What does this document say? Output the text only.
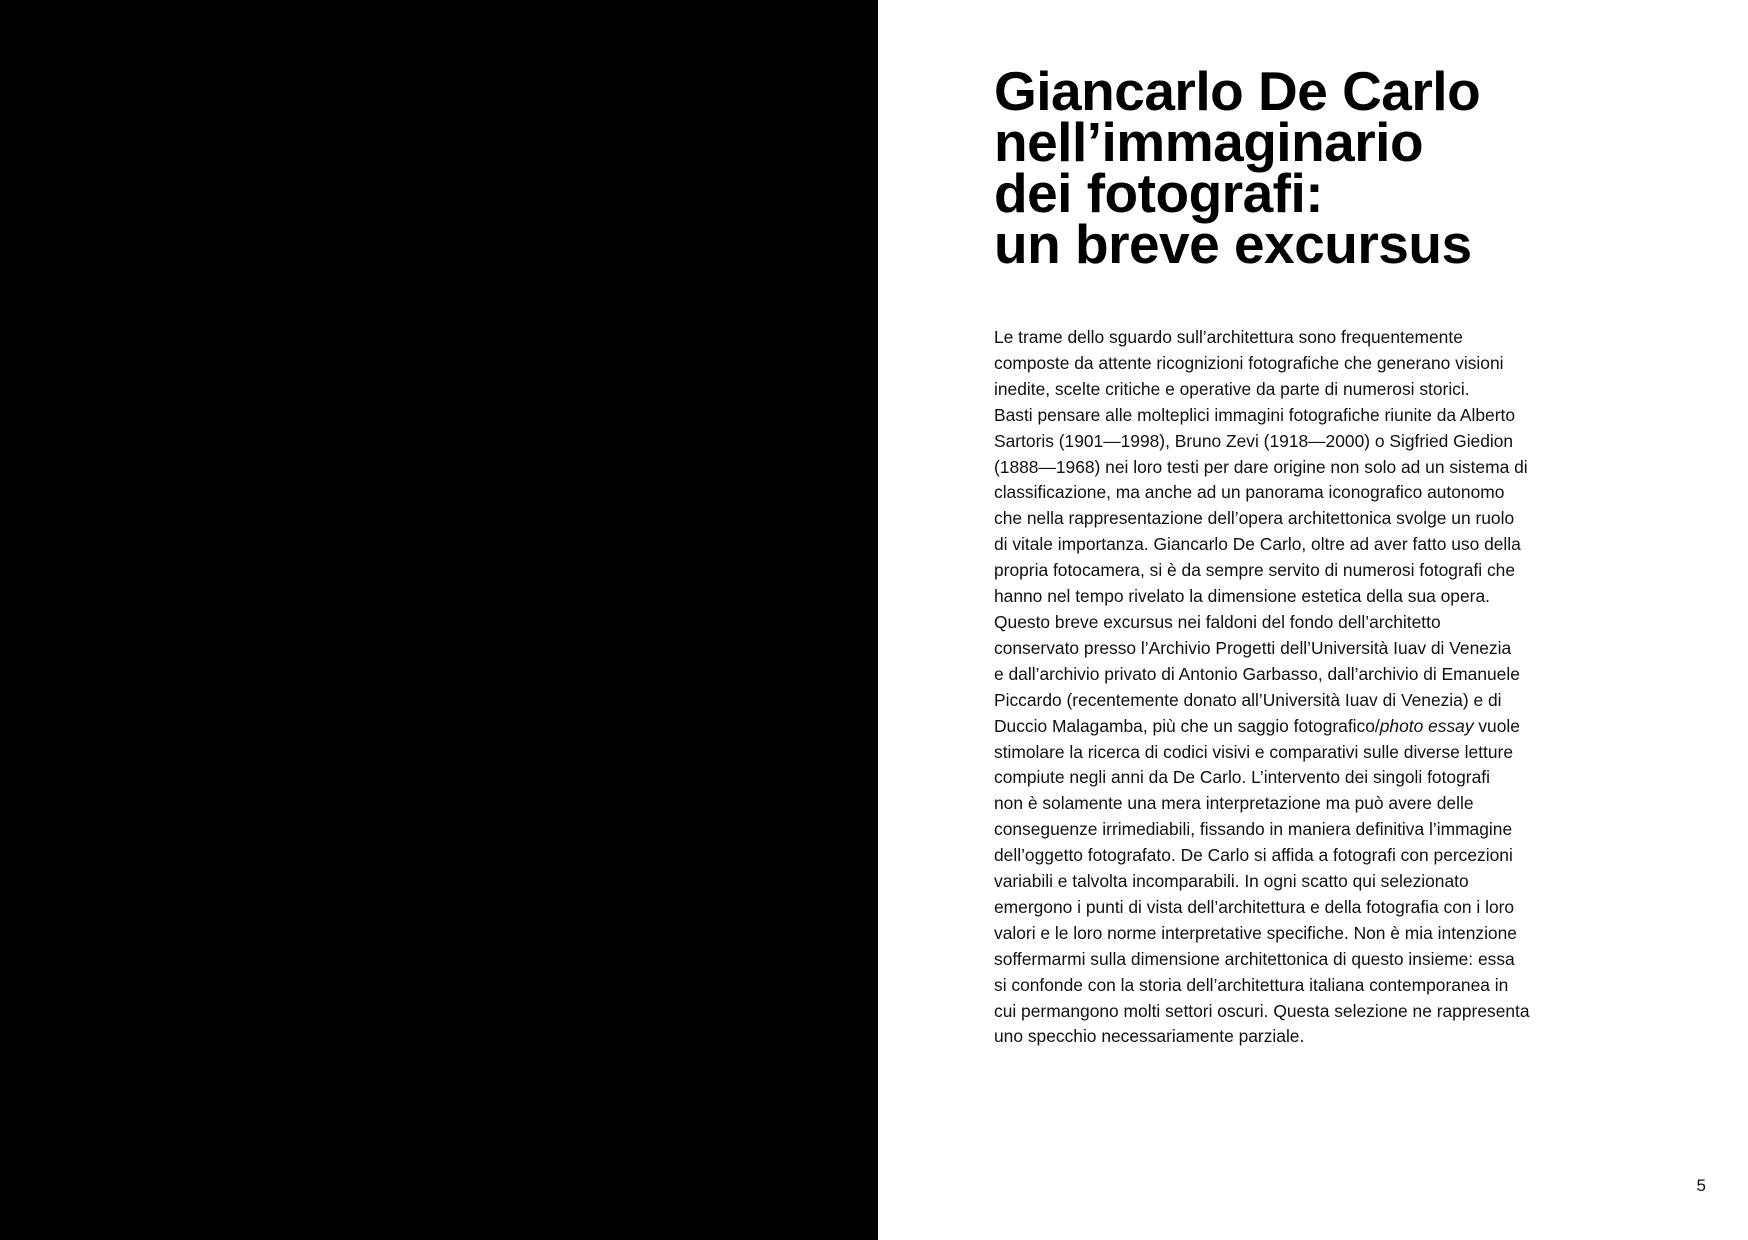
Giancarlo De Carlo
nell’immaginario
dei fotografi:
un breve excursus

Le trame dello sguardo sull’architettura sono frequentemente
composte da attente ricognizioni fotografiche che generano visioni
inedite, scelte critiche e operative da parte di numerosi storici.
Basti pensare alle molteplici immagini fotografiche riunite da Alberto
Sartoris (1901—1998), Bruno Zevi (1918—2000) o Sigfried Giedion
(1888—1968) nei loro testi per dare origine non solo ad un sistema di
classificazione, ma anche ad un panorama iconografico autonomo
che nella rappresentazione dell’opera architettonica svolge un ruolo
di vitale importanza. Giancarlo De Carlo, oltre ad aver fatto uso della
propria fotocamera, si è da sempre servito di numerosi fotografi che
hanno nel tempo rivelato la dimensione estetica della sua opera.
Questo breve excursus nei faldoni del fondo dell’architetto
conservato presso l’Archivio Progetti dell’Università Iuav di Venezia
e dall’archivio privato di Antonio Garbasso, dall’archivio di Emanuele
Piccardo (recentemente donato all’Università Iuav di Venezia) e di
Duccio Malagamba, più che un saggio fotografico/photo essay vuole
stimolare la ricerca di codici visivi e comparativi sulle diverse letture
compiute negli anni da De Carlo. L’intervento dei singoli fotografi
non è solamente una mera interpretazione ma può avere delle
conseguenze irrimediabili, fissando in maniera definitiva l’immagine
dell’oggetto fotografato. De Carlo si affida a fotografi con percezioni
variabili e talvolta incomparabili. In ogni scatto qui selezionato
emergono i punti di vista dell’architettura e della fotografia con i loro
valori e le loro norme interpretative specifiche. Non è mia intenzione
soffermarmi sulla dimensione architettonica di questo insieme: essa
si confonde con la storia dell’architettura italiana contemporanea in
cui permangono molti settori oscuri. Questa selezione ne rappresenta
uno specchio necessariamente parziale.

5
